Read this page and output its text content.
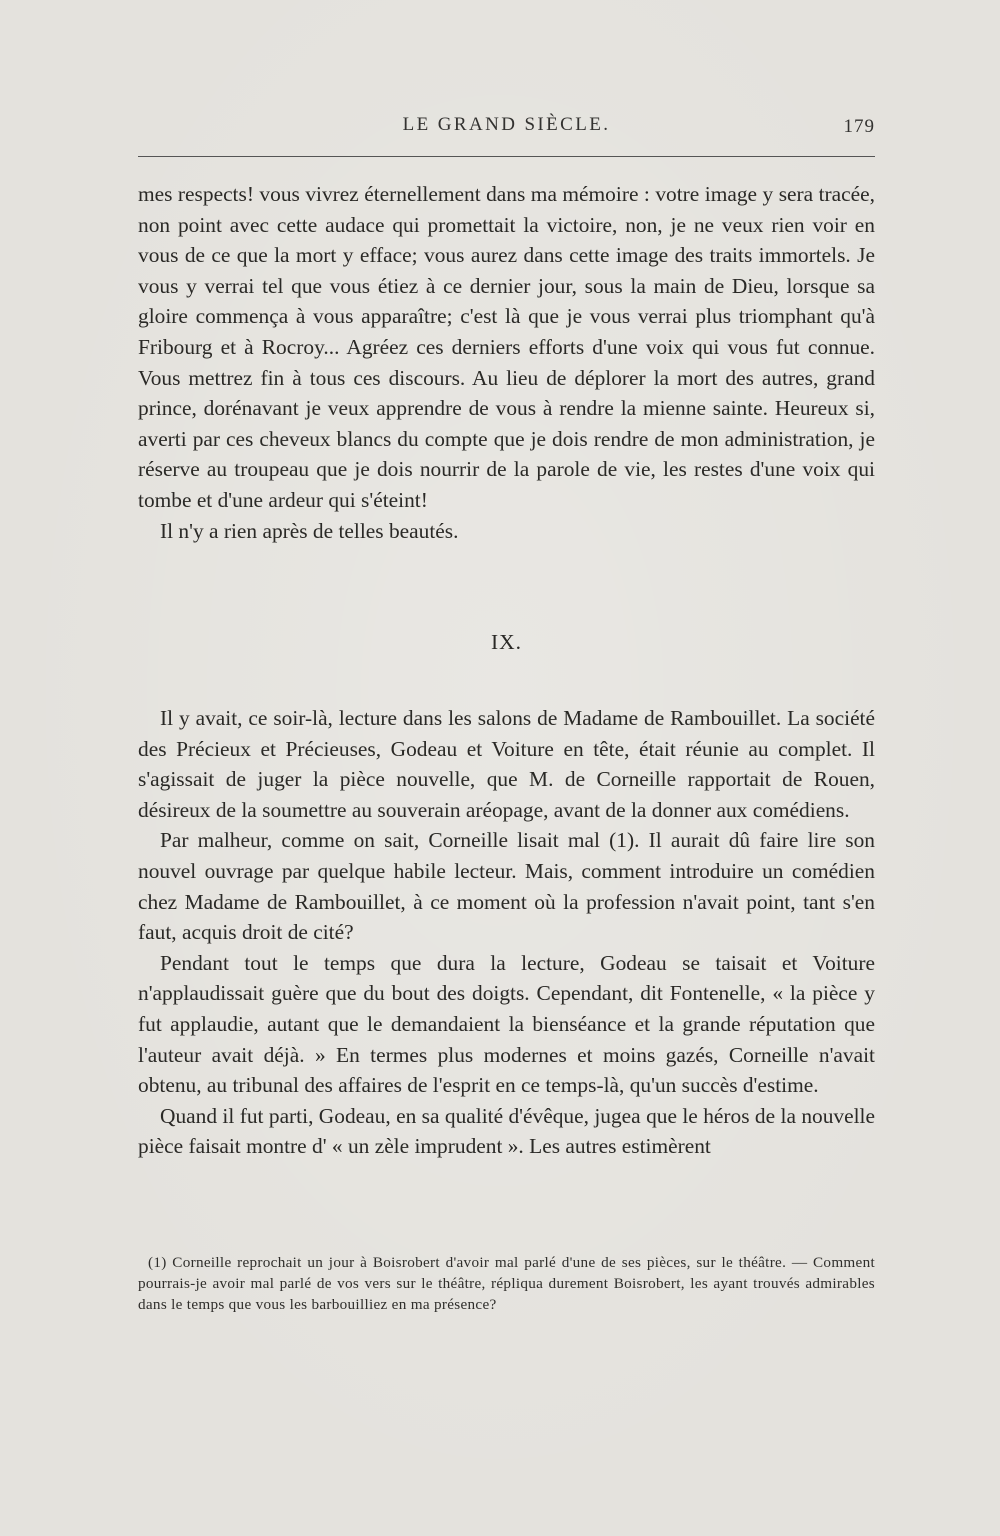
LE GRAND SIÈCLE.	179

mes respects! vous vivrez éternellement dans ma mémoire : votre image y sera tracée, non point avec cette audace qui promettait la victoire, non, je ne veux rien voir en vous de ce que la mort y efface; vous aurez dans cette image des traits immortels. Je vous y verrai tel que vous étiez à ce dernier jour, sous la main de Dieu, lorsque sa gloire commença à vous apparaître; c'est là que je vous verrai plus triomphant qu'à Fribourg et à Rocroy... Agréez ces derniers efforts d'une voix qui vous fut connue. Vous mettrez fin à tous ces discours. Au lieu de déplorer la mort des autres, grand prince, dorénavant je veux apprendre de vous à rendre la mienne sainte. Heureux si, averti par ces cheveux blancs du compte que je dois rendre de mon administration, je réserve au troupeau que je dois nourrir de la parole de vie, les restes d'une voix qui tombe et d'une ardeur qui s'éteint!

Il n'y a rien après de telles beautés.

IX.

Il y avait, ce soir-là, lecture dans les salons de Madame de Rambouillet. La société des Précieux et Précieuses, Godeau et Voiture en tête, était réunie au complet. Il s'agissait de juger la pièce nouvelle, que M. de Corneille rapportait de Rouen, désireux de la soumettre au souverain aréopage, avant de la donner aux comédiens.

Par malheur, comme on sait, Corneille lisait mal (1). Il aurait dû faire lire son nouvel ouvrage par quelque habile lecteur. Mais, comment introduire un comédien chez Madame de Rambouillet, à ce moment où la profession n'avait point, tant s'en faut, acquis droit de cité?

Pendant tout le temps que dura la lecture, Godeau se taisait et Voiture n'applaudissait guère que du bout des doigts. Cependant, dit Fontenelle, « la pièce y fut applaudie, autant que le demandaient la bienséance et la grande réputation que l'auteur avait déjà. » En termes plus modernes et moins gazés, Corneille n'avait obtenu, au tribunal des affaires de l'esprit en ce temps-là, qu'un succès d'estime.

Quand il fut parti, Godeau, en sa qualité d'évêque, jugea que le héros de la nouvelle pièce faisait montre d' « un zèle imprudent ». Les autres estimèrent

(1) Corneille reprochait un jour à Boisrobert d'avoir mal parlé d'une de ses pièces, sur le théâtre. — Comment pourrais-je avoir mal parlé de vos vers sur le théâtre, répliqua durement Boisrobert, les ayant trouvés admirables dans le temps que vous les barbouilliez en ma présence?
